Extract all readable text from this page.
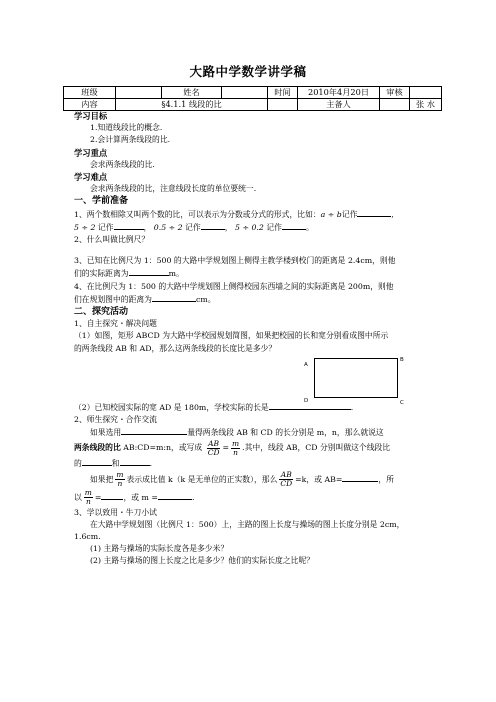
大路中学数学讲学稿
班级		姓名		时间	2010年4月20日	审核	
内容	§4.1.1 线段的比				主备人		张 水

学习目标

1.知道线段比的概念.

2.会计算两条线段的比.

学习重点

会求两条线段的比.

学习难点

会求两条线段的比，注意线段长度的单位要统一.

一、学前准备

1、两个数相除又叫两个数的比，可以表示为分数或分式的形式，比如：a ÷ b记作	,

5 ÷ 2 记作	， 0.5 ÷ 2 记作	， 5 ÷ 0.2 记作	。

2、什么叫做比例尺？

3、已知在比例尺为 1：500 的大路中学规划图上侧得主教学楼到校门的距离是 2.4cm，则他

们的实际距离为	m。

4、在比例尺为 1：500 的大路中学规划图上侧得校园东西墙之间的实际距离是 200m，则他

们在规划图中的距离为	cm。

二、探究活动

1、自主探究・解决问题

（1）如图，矩形 ABCD 为大路中学校园规划简图，如果把校园的长和宽分别看成图中所示

的两条线段 AB 和 AD，那么这两条线段的长度比是多少？

A
B
D	C

（2）已知校园实际的宽 AD 是 180m，学校实际的长是	.

2、师生探究・合作交流

如果选用	量得两条线段 AB 和 CD 的长分别是 m，n，那么就说这

两条线段的比 AB:CD=m:n，或写成 $\frac{AB}{CD} = \frac{m}{n}$ .其中，线段 AB，CD 分别叫做这个线段比

的	和	.

如果把 $\frac{m}{n}$ 表示成比值 k（k 是无单位的正实数），那么 $\frac{AB}{CD} =k$，或 AB=	，所

以 $\frac{m}{n}$ =	，或 m =	.

3、学以致用・牛刀小试

在大路中学规划图（比例尺 1：500）上，主路的图上长度与操场的图上长度分别是 2cm，

1.6cm.

(1) 主路与操场的实际长度各是多少米？

(2) 主路与操场的图上长度之比是多少？他们的实际长度之比呢？
